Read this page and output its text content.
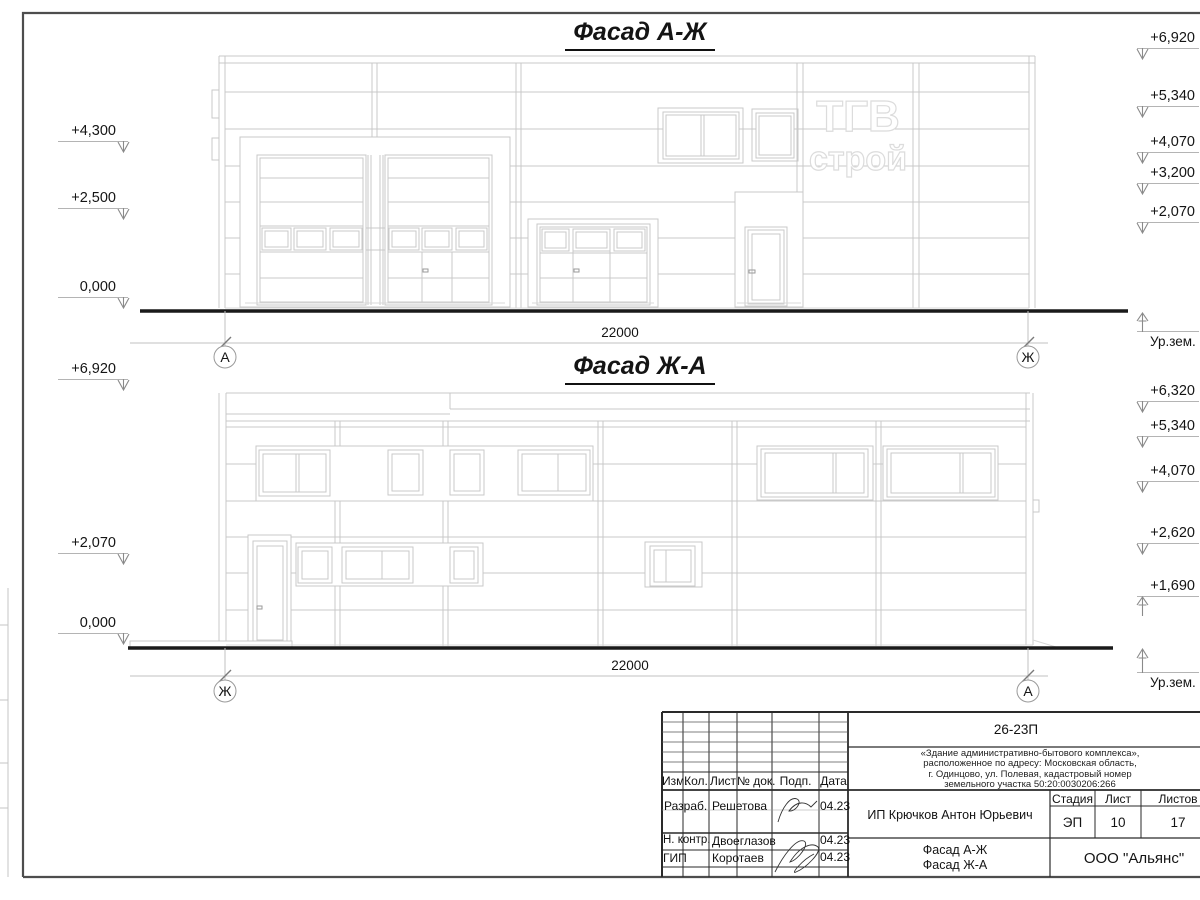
ТГВ
строй
Фасад А-Ж
Фасад Ж-А
+4,300
+2,500
0,000
+6,920
+5,340
+4,070
+3,200
+2,070
Ур.зем.
22000
А	Ж
+6,920
+2,070
0,000
+6,320
+5,340
+4,070
+2,620
+1,690
Ур.зем.
22000
Ж	А
Изм.
Кол. Лист № док. Подп. Дата
Разраб. Решетова	04.23
Н. контр. Двоеглазов	04.23
ГИП Коротаев	04.23
26-23П
«Здание административно-бытового комплекса»,
расположенное по адресу: Московская область,
г. Одинцово, ул. Полевая, кадастровый номер
земельного участка 50:20:0030206:266
ИП Крючков Антон Юрьевич
Стадия	Лист	Листов
ЭП	10	17
Фасад А-Ж
Фасад Ж-А	ООО "Альянс"
